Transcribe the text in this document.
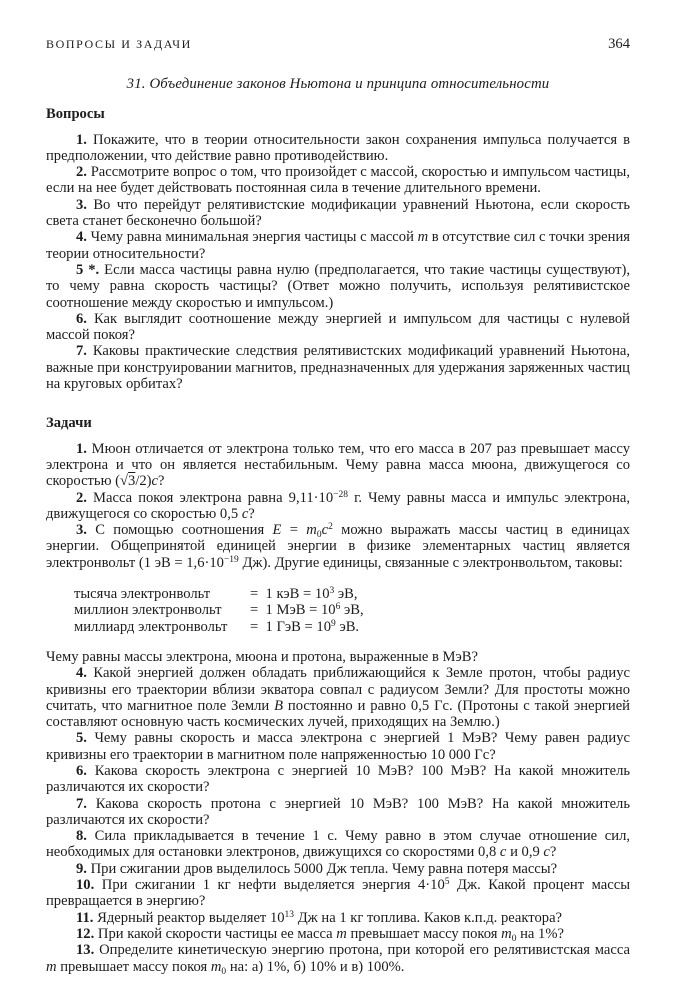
ВОПРОСЫ И ЗАДАЧИ	364
31. Объединение законов Ньютона и принципа относительности
Вопросы

1. Покажите, что в теории относительности закон сохранения импульса получается в предположении, что действие равно противодействию.

2. Рассмотрите вопрос о том, что произойдет с массой, скоростью и импульсом частицы, если на нее будет действовать постоянная сила в течение длительного времени.

3. Во что перейдут релятивистские модификации уравнений Ньютона, если скорость света станет бесконечно большой?

4. Чему равна минимальная энергия частицы с массой m в отсутствие сил с точки зрения теории относительности?

5 *. Если масса частицы равна нулю (предполагается, что такие частицы существуют), то чему равна скорость частицы? (Ответ можно получить, используя релятивистское соотношение между скоростью и импульсом.)

6. Как выглядит соотношение между энергией и импульсом для частицы с нулевой массой покоя?

7. Каковы практические следствия релятивистских модификаций уравнений Ньютона, важные при конструировании магнитов, предназначенных для удержания заряженных частиц на круговых орбитах?

Задачи

1. Мюон отличается от электрона только тем, что его масса в 207 раз превышает массу электрона и что он является нестабильным. Чему равна масса мюона, движущегося со скоростью (√3/2)c?

2. Масса покоя электрона равна $9,11\cdot 10^{-28}$ г. Чему равны масса и импульс электрона, движущегося со скоростью 0,5 c?

3. С помощью соотношения $E = m_0c^2$ можно выражать массы частиц в единицах энергии. Общепринятой единицей энергии в физике элементарных частиц является электронвольт (1 эВ = $1,6\cdot 10^{-19}$ Дж). Другие единицы, связанные с электронвольтом, таковы:

тысяча электронвольт	=  1 кэВ = $10^3$ эВ,
миллион электронвольт	=  1 МэВ = $10^6$ эВ,
миллиард электронвольт	=  1 ГэВ = $10^9$ эВ.

Чему равны массы электрона, мюона и протона, выраженные в МэВ?

4. Какой энергией должен обладать приближающийся к Земле протон, чтобы радиус кривизны его траектории вблизи экватора совпал с радиусом Земли? Для простоты можно считать, что магнитное поле Земли B постоянно и равно 0,5 Гс. (Протоны с такой энергией составляют основную часть космических лучей, приходящих на Землю.)

5. Чему равны скорость и масса электрона с энергией 1 МэВ? Чему равен радиус кривизны его траектории в магнитном поле напряженностью 10 000 Гс?

6. Какова скорость электрона с энергией 10 МэВ? 100 МэВ? На какой множитель различаются их скорости?

7. Какова скорость протона с энергией 10 МэВ? 100 МэВ? На какой множитель различаются их скорости?

8. Сила прикладывается в течение 1 с. Чему равно в этом случае отношение сил, необходимых для остановки электронов, движущихся со скоростями 0,8 c и 0,9 c?

9. При сжигании дров выделилось 5000 Дж тепла. Чему равна потеря массы?

10. При сжигании 1 кг нефти выделяется энергия $4\cdot 10^5$ Дж. Какой процент массы превращается в энергию?

11. Ядерный реактор выделяет $10^{13}$ Дж на 1 кг топлива. Каков к.п.д. реактора?

12. При какой скорости частицы ее масса m превышает массу покоя $m_0$ на 1%?

13. Определите кинетическую энергию протона, при которой его релятивистская масса m превышает массу покоя $m_0$ на: а) 1%, б) 10% и в) 100%.
